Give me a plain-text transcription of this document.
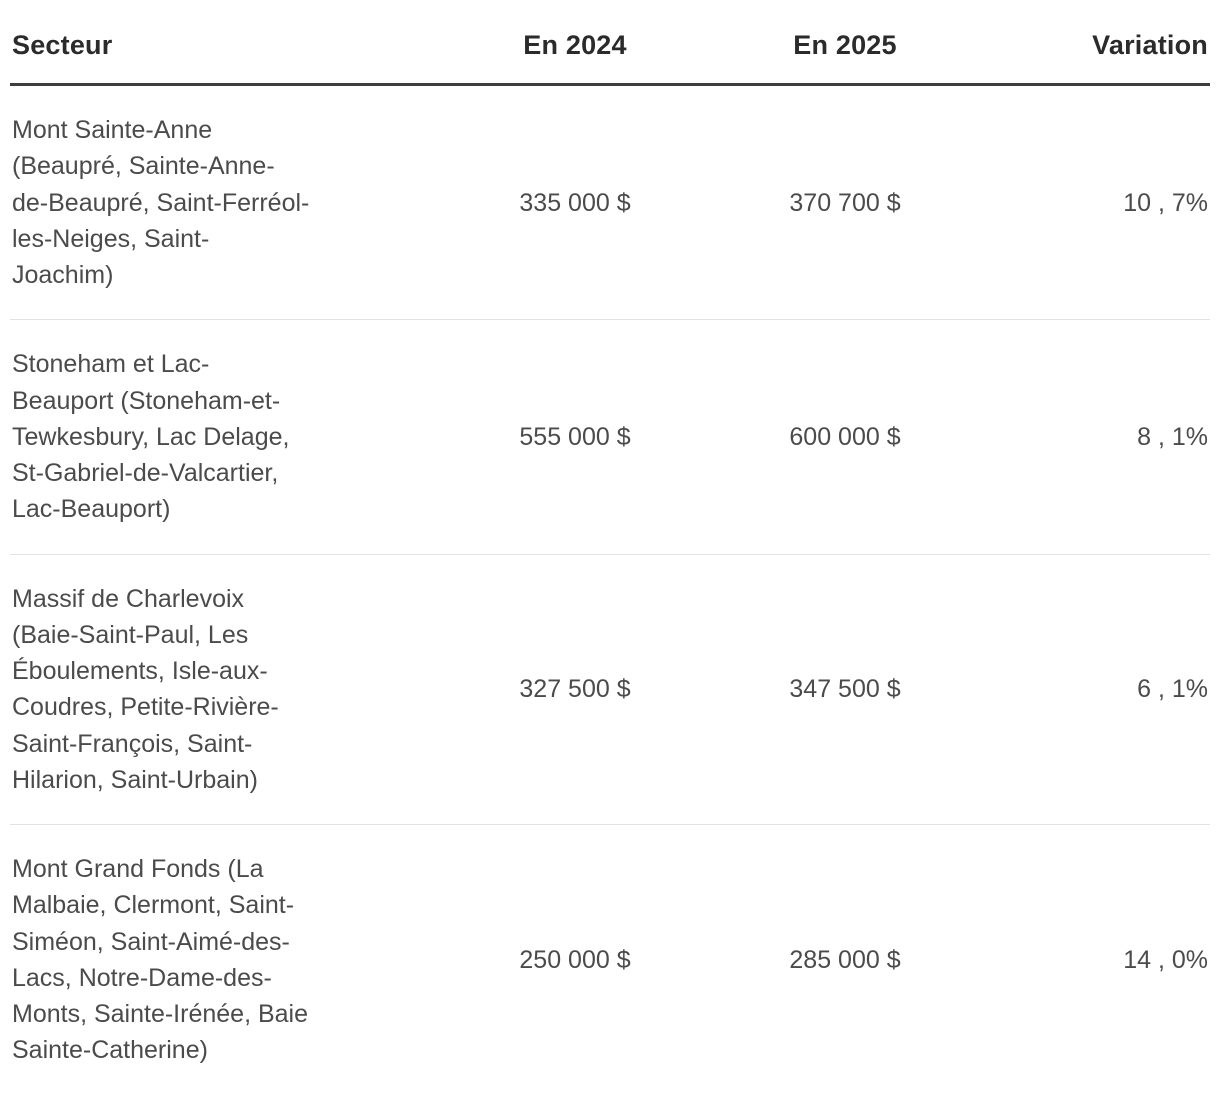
Secteur	En 2024	En 2025	Variation
Mont Sainte-Anne (Beaupré, Sainte-Anne-de-Beaupré, Saint-Ferréol-les-Neiges, Saint-Joachim)	335 000 $	370 700 $	10 , 7%
Stoneham et Lac-Beauport (Stoneham-et-Tewkesbury, Lac Delage, St-Gabriel-de-Valcartier, Lac-Beauport)	555 000 $	600 000 $	8 , 1%
Massif de Charlevoix (Baie-Saint-Paul, Les Éboulements, Isle-aux-Coudres, Petite-Rivière-Saint-François, Saint-Hilarion, Saint-Urbain)	327 500 $	347 500 $	6 , 1%
Mont Grand Fonds (La Malbaie, Clermont, Saint-Siméon, Saint-Aimé-des-Lacs, Notre-Dame-des-Monts, Sainte-Irénée, Baie Sainte-Catherine)	250 000 $	285 000 $	14 , 0%
